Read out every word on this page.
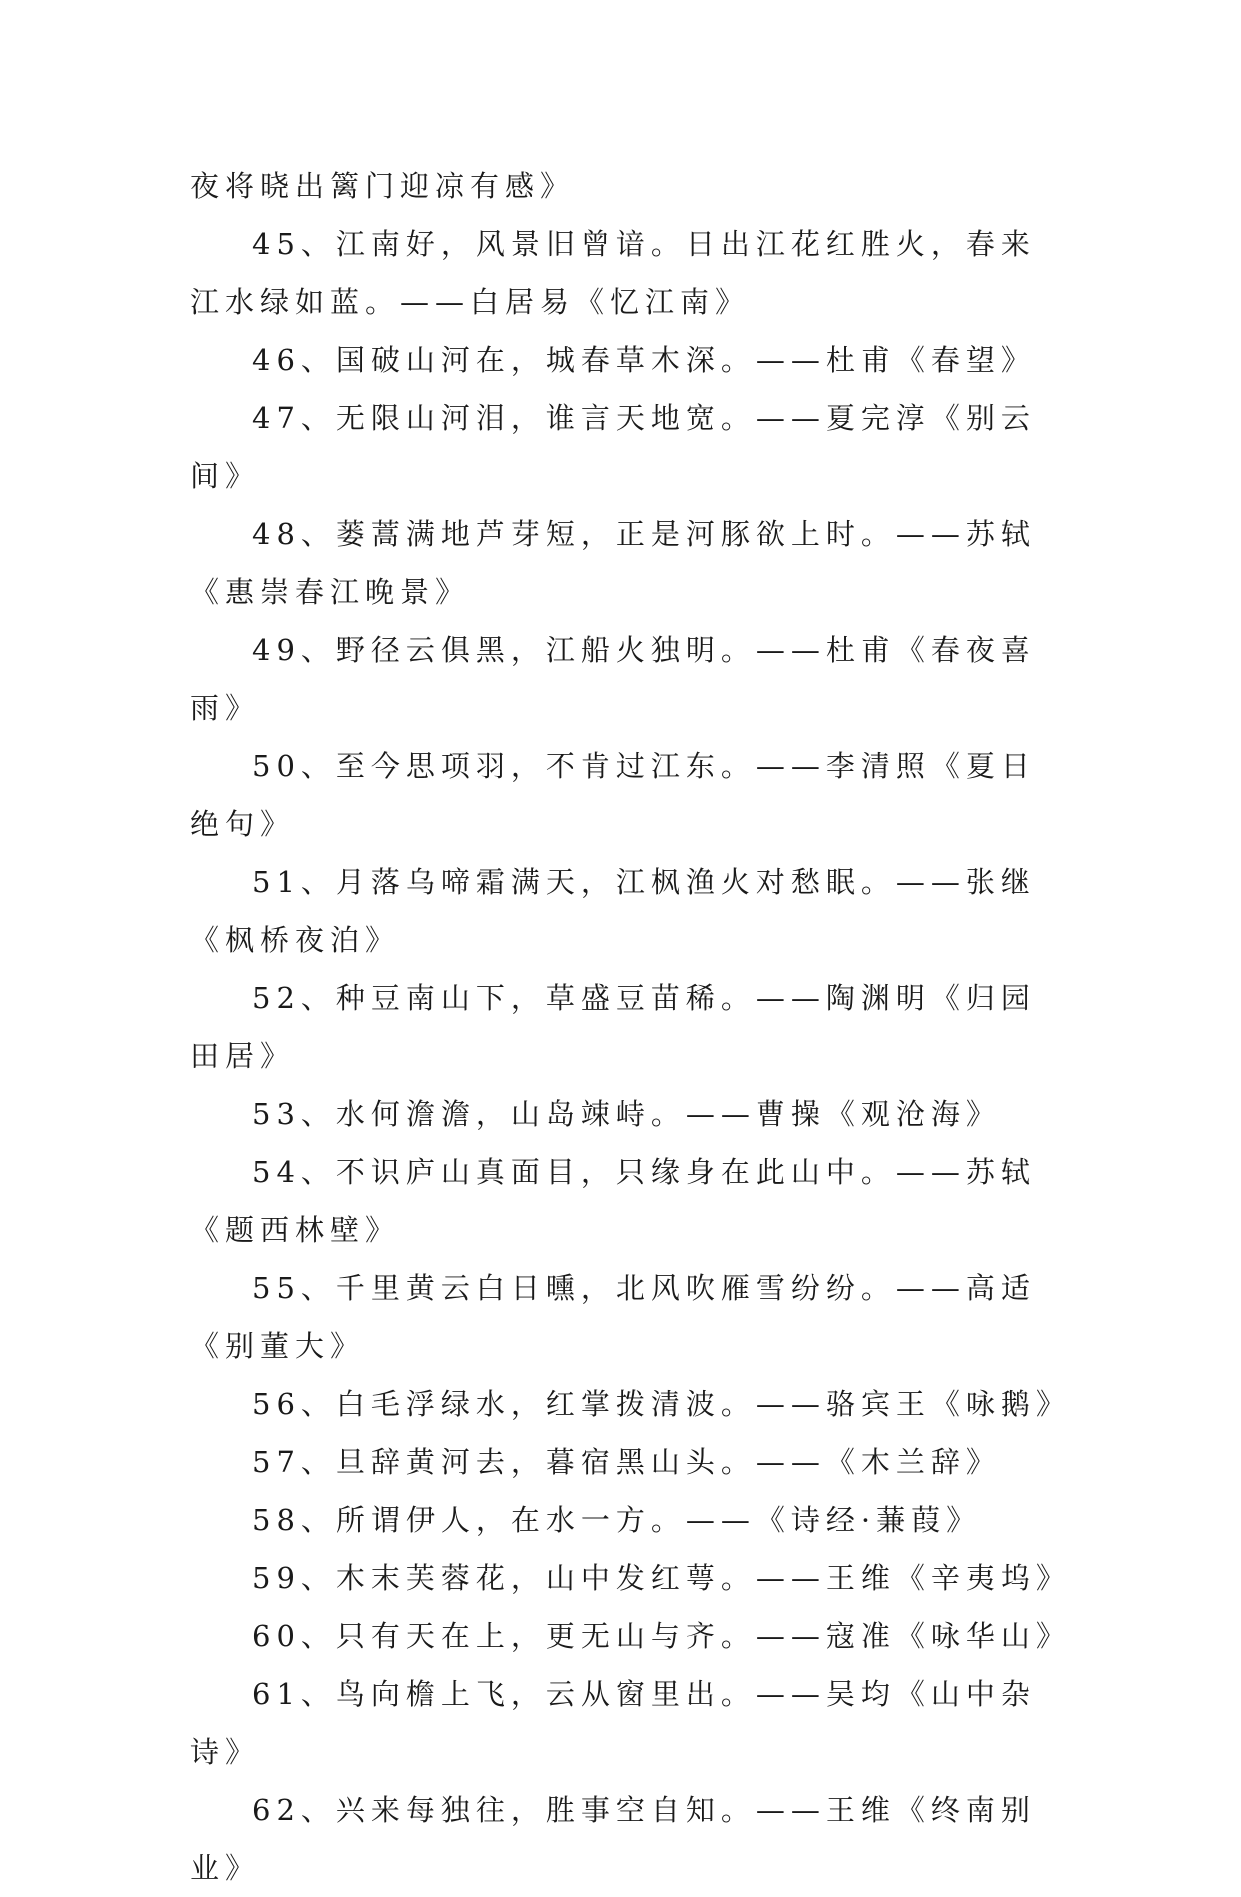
夜将晓出篱门迎凉有感》

45、江南好，风景旧曾谙。日出江花红胜火，春来江水绿如蓝。——白居易《忆江南》

46、国破山河在，城春草木深。——杜甫《春望》

47、无限山河泪，谁言天地宽。——夏完淳《别云间》

48、蒌蒿满地芦芽短，正是河豚欲上时。——苏轼《惠崇春江晚景》

49、野径云俱黑，江船火独明。——杜甫《春夜喜雨》

50、至今思项羽，不肯过江东。——李清照《夏日绝句》

51、月落乌啼霜满天，江枫渔火对愁眠。——张继《枫桥夜泊》

52、种豆南山下，草盛豆苗稀。——陶渊明《归园田居》

53、水何澹澹，山岛竦峙。——曹操《观沧海》

54、不识庐山真面目，只缘身在此山中。——苏轼《题西林壁》

55、千里黄云白日曛，北风吹雁雪纷纷。——高适《别董大》

56、白毛浮绿水，红掌拨清波。——骆宾王《咏鹅》

57、旦辞黄河去，暮宿黑山头。——《木兰辞》

58、所谓伊人，在水一方。——《诗经·蒹葭》

59、木末芙蓉花，山中发红萼。——王维《辛夷坞》

60、只有天在上，更无山与齐。——寇准《咏华山》

61、鸟向檐上飞，云从窗里出。——吴均《山中杂诗》

62、兴来每独往，胜事空自知。——王维《终南别业》
